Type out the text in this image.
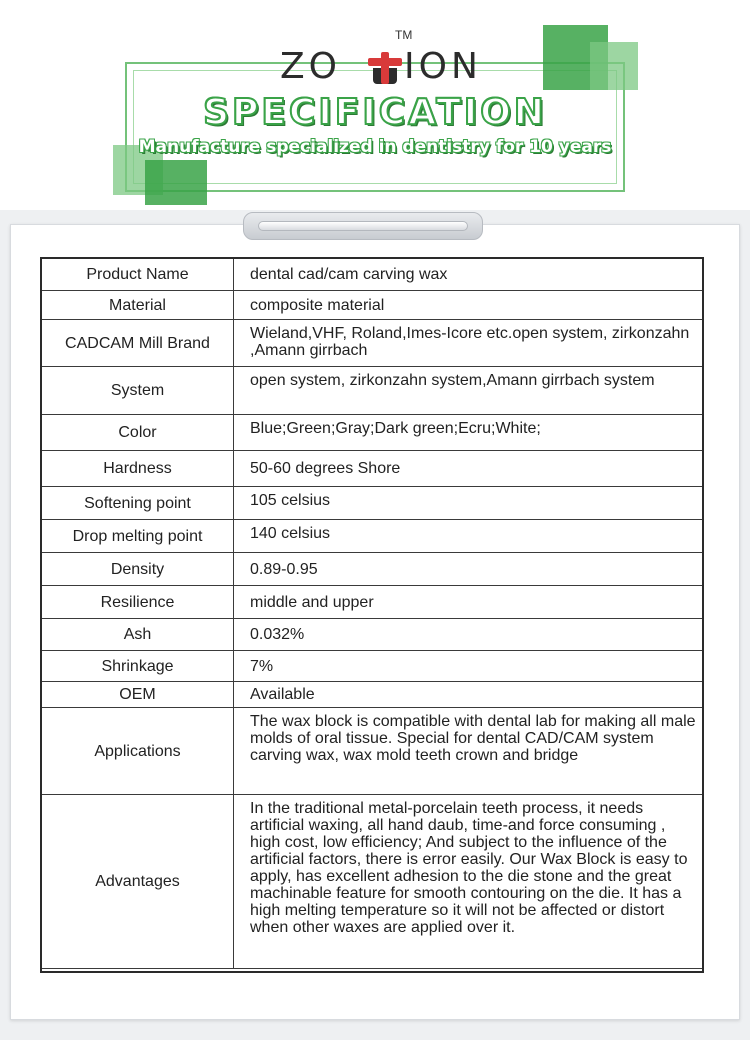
ZO ION
TM
SPECIFICATION
Manufacture specialized in dentistry for 10 years
Product Name	dental cad/cam carving wax
Material	composite material
CADCAM Mill Brand	Wieland,VHF, Roland,Imes-Icore etc.open system, zirkonzahn ,Amann girrbach
System	open system, zirkonzahn system,Amann girrbach system
Color	Blue;Green;Gray;Dark green;Ecru;White;
Hardness	50-60 degrees Shore
Softening point	105 celsius
Drop melting point	140 celsius
Density	0.89-0.95
Resilience	middle and upper
Ash	0.032%
Shrinkage	7%
OEM	Available
Applications	The wax block is compatible with dental lab for making all male molds of oral tissue. Special for dental CAD/CAM system carving wax, wax mold teeth crown and bridge
Advantages	In the traditional metal-porcelain teeth process, it needs artificial waxing, all hand daub, time-and force consuming , high cost, low efficiency; And subject to the influence of the artificial factors, there is error easily. Our Wax Block is easy to apply, has excellent adhesion to the die stone and the great machinable feature for smooth contouring on the die. It has a high melting temperature so it will not be affected or distort when other waxes are applied over it.
